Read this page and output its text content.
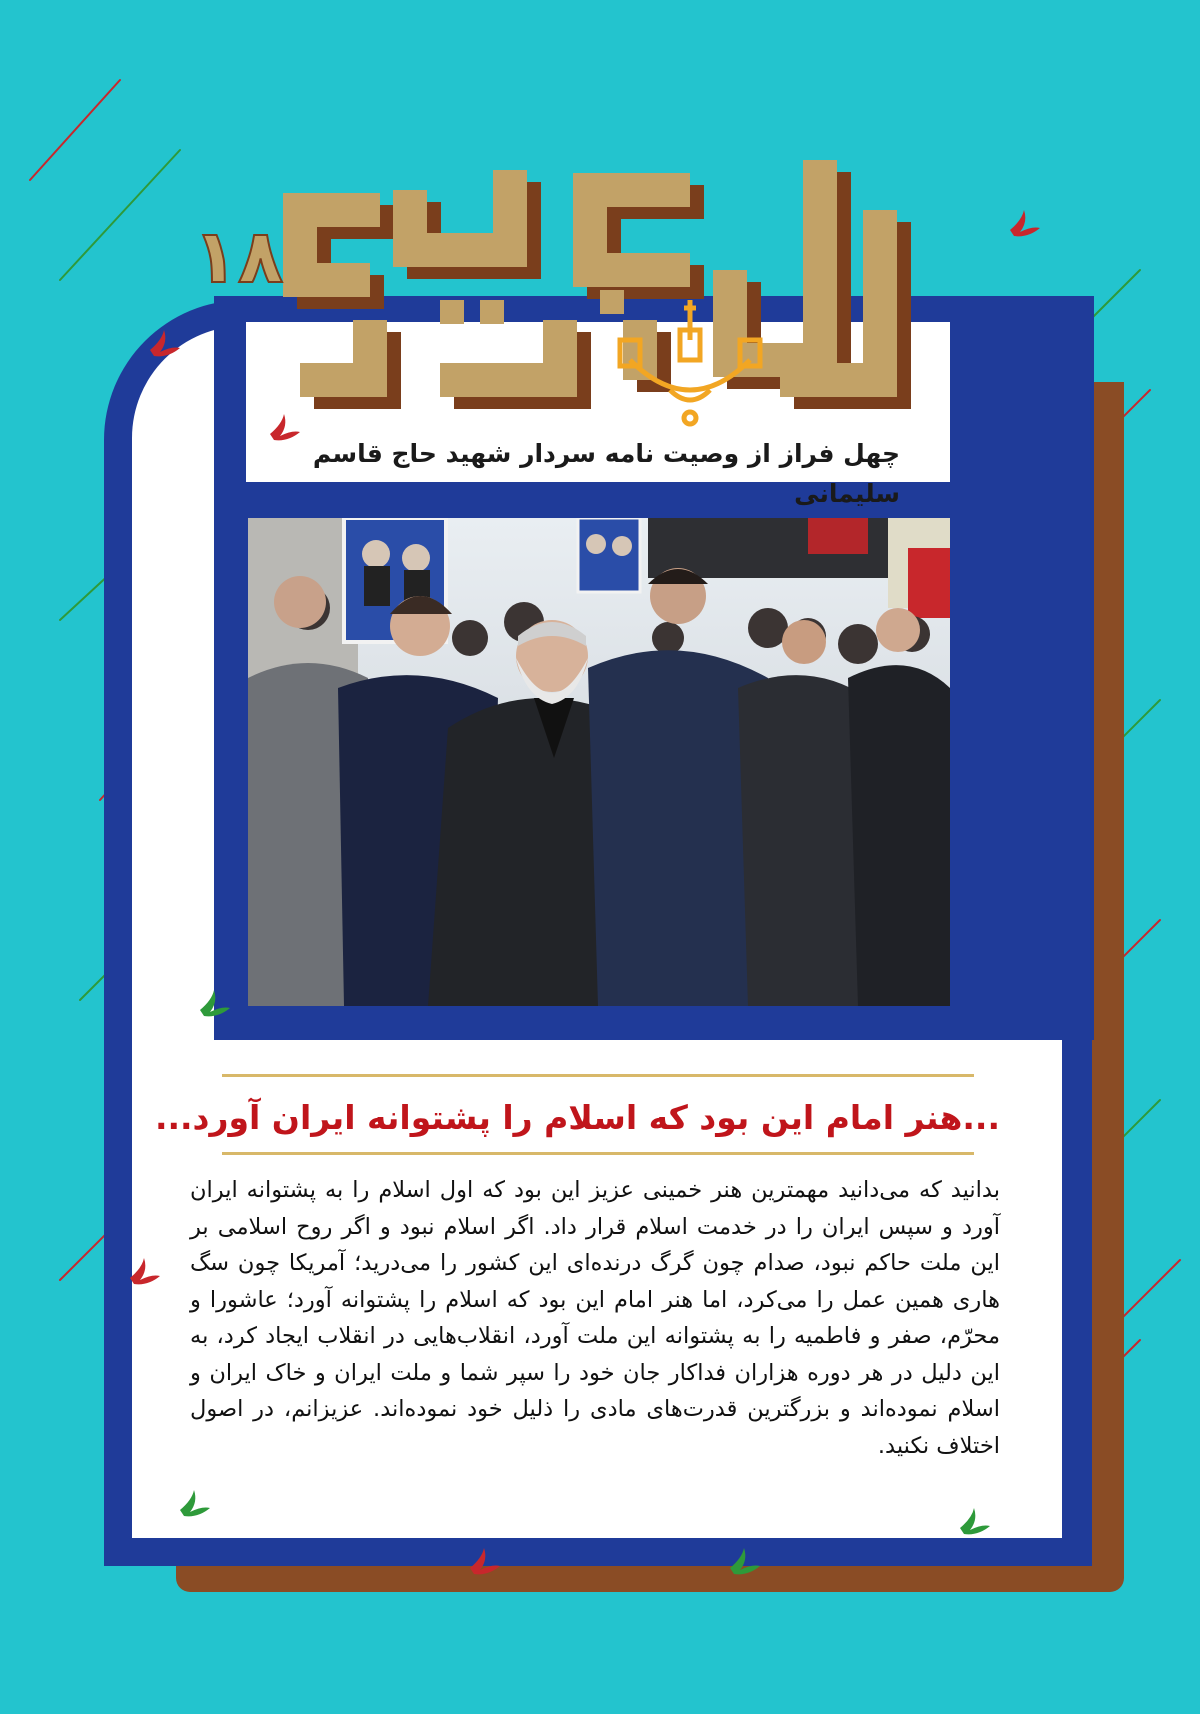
۱۸
چهل فراز از وصیت نامه سردار شهید حاج قاسم سلیمانی
...هنر امام این بود که اسلام را پشتوانه ایران آورد...
بدانید که می‌دانید مهمترین هنر خمینی عزیز این بود که اول اسلام را به پشتوانه ایران آورد و سپس ایران را در خدمت اسلام قرار داد. اگر اسلام نبود و اگر روح اسلامی بر این ملت حاکم نبود، صدام چون گرگ درنده‌ای این کشور را می‌درید؛ آمریکا چون سگ هاری همین عمل را می‌کرد، اما هنر امام این بود که اسلام را پشتوانه آورد؛ عاشورا و محرّم، صفر و فاطمیه را به پشتوانه این ملت آورد، انقلاب‌هایی در انقلاب ایجاد کرد، به این دلیل در هر دوره هزاران فداکار جان خود را سپر شما و ملت ایران و خاک ایران و اسلام نموده‌اند و بزرگترین قدرت‌های مادی را ذلیل خود نموده‌اند. عزیزانم، در اصول اختلاف نکنید.
